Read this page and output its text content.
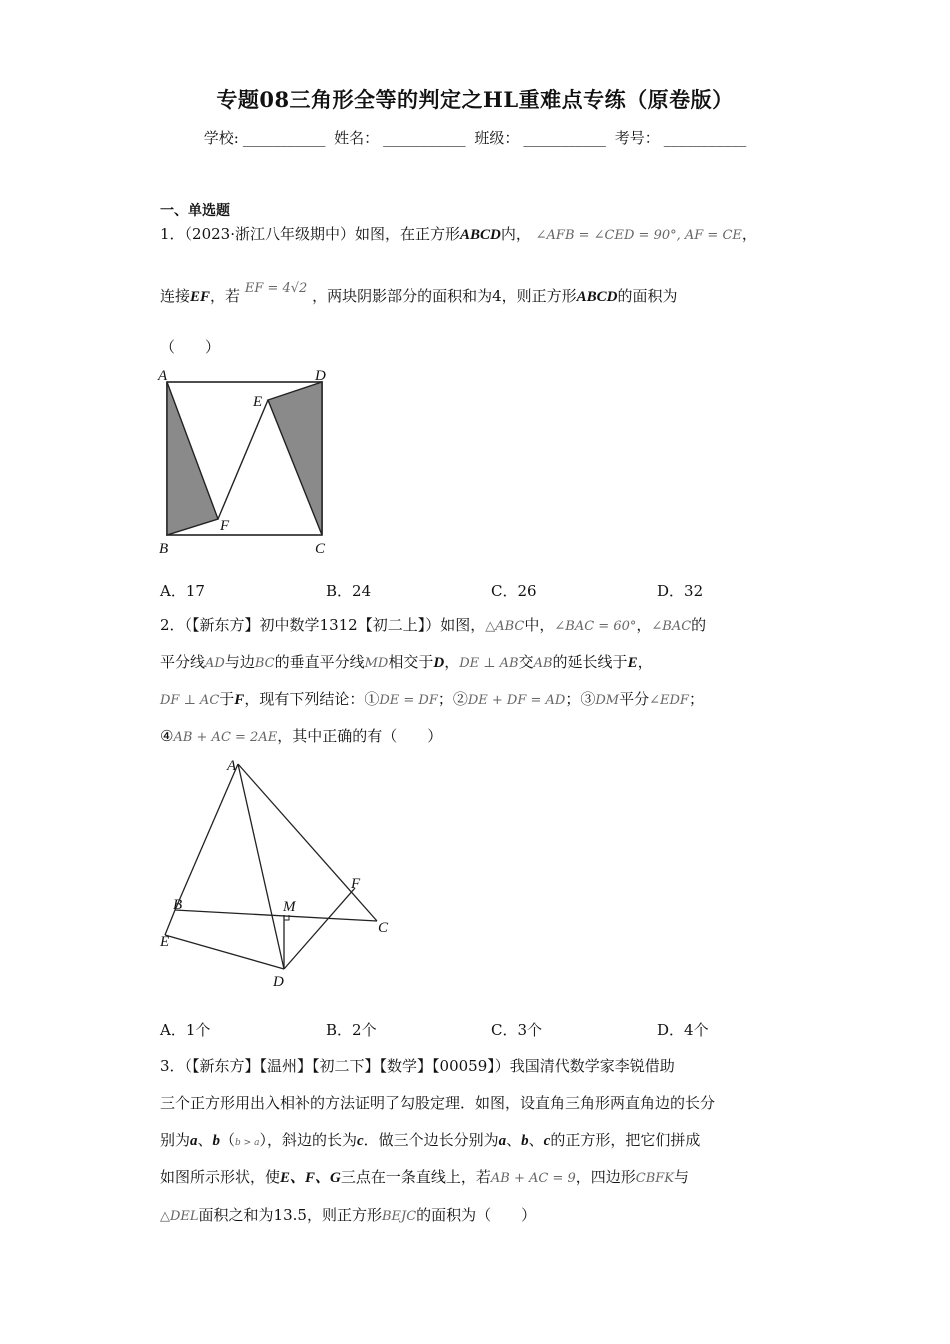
专题08三角形全等的判定之HL重难点专练（原卷版）
学校: ___________ 姓名： ___________ 班级： ___________ 考号： ___________
一、单选题
1．（2023·浙江八年级期中）如图，在正方形ABCD内， ∠AFB = ∠CED = 90°, AF = CE，
连接EF，若 EF = 4√2 ，两块阴影部分的面积和为4，则正方形ABCD的面积为
（　　）
A	D
E
F
B	C
A．17	B．24	C．26	D．32
2．（【新东方】初中数学1312【初二上】）如图，△ABC中，∠BAC = 60°，∠BAC的
平分线AD与边BC的垂直平分线MD相交于D，DE ⊥ AB交AB的延长线于E，
DF ⊥ AC于F，现有下列结论：①DE = DF；②DE + DF = AD；③DM平分∠EDF；
④AB + AC = 2AE，其中正确的有（　　）
A
F
B	M
C
E
D
A．1个	B．2个	C．3个	D．4个
3．（【新东方】【温州】【初二下】【数学】【00059】）我国清代数学家李锐借助
三个正方形用出入相补的方法证明了勾股定理．如图，设直角三角形两直角边的长分
别为a、b（b > a），斜边的长为c．做三个边长分别为a、b、c的正方形，把它们拼成
如图所示形状，使E、F、G三点在一条直线上，若AB + AC = 9，四边形CBFK与
△DEL面积之和为13.5，则正方形BEJC的面积为（　　）
